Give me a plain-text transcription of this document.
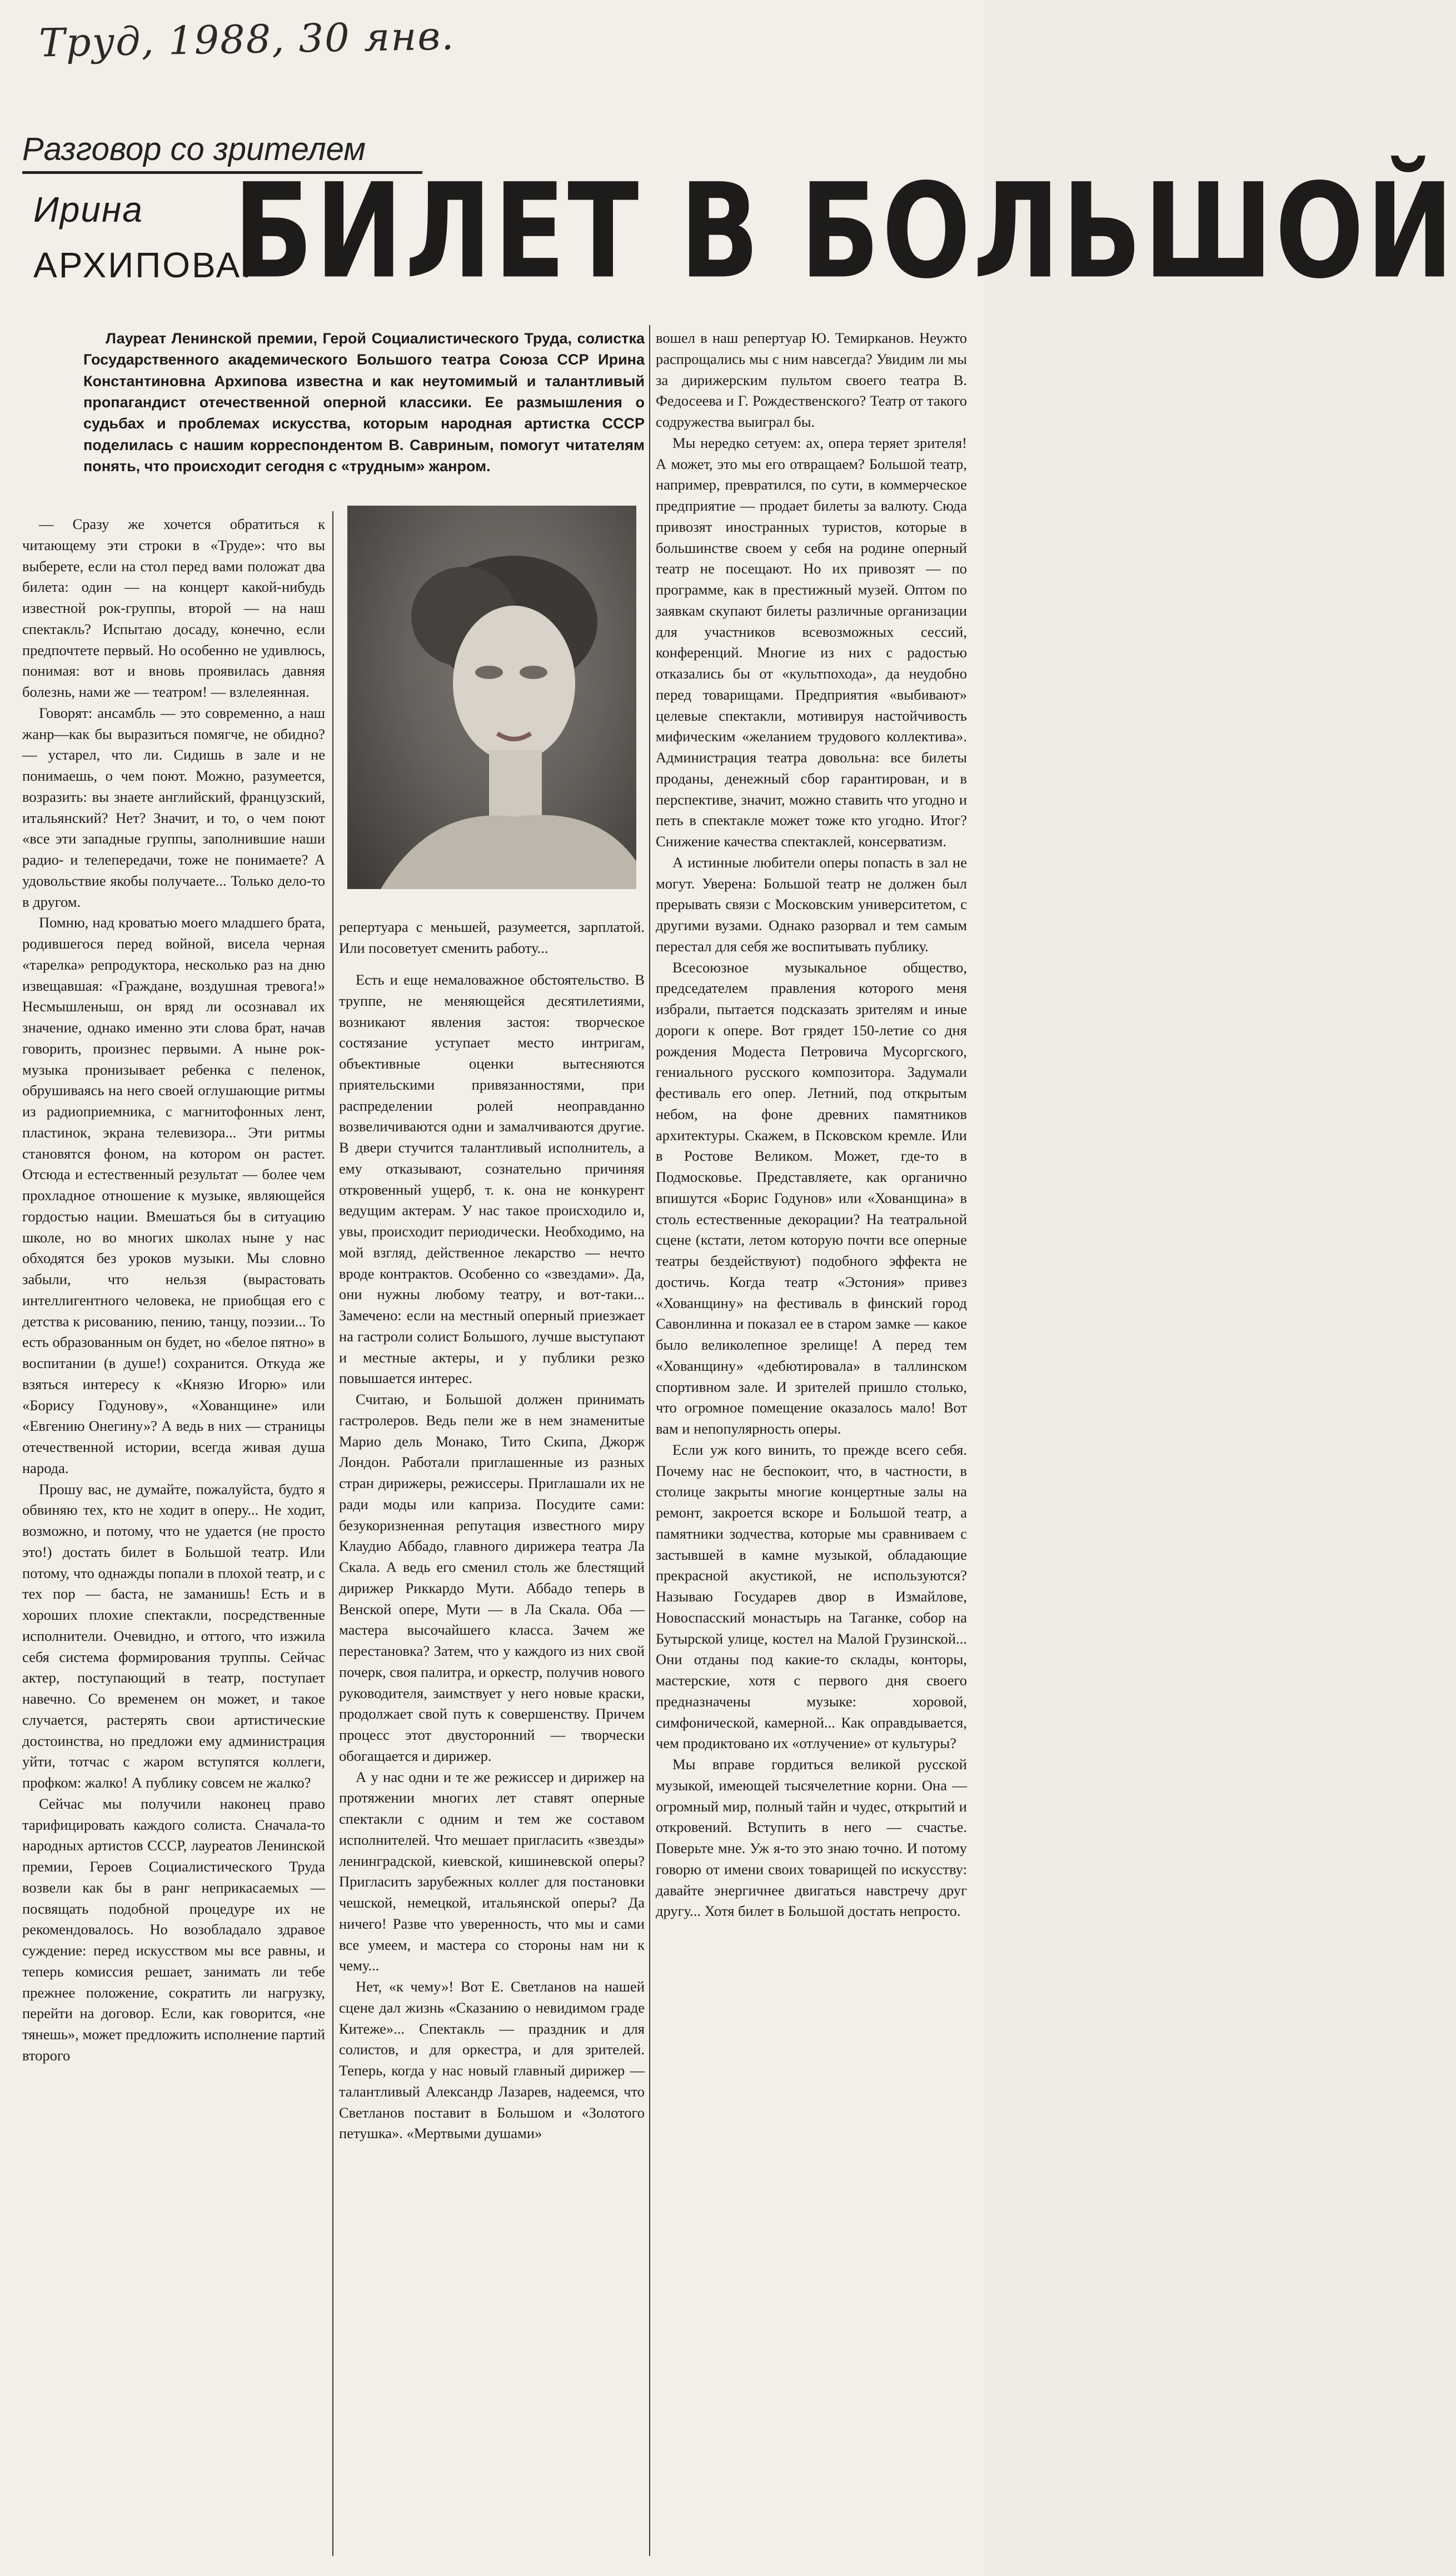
Труд, 1988, 30 янв.
Разговор со зрителем
Ирина
АРХИПОВА:
БИЛЕТ В БОЛЬШОЙ
Лауреат Ленинской премии, Герой Социалистического Труда, солистка Государственного академического Большого театра Союза ССР Ирина Константиновна Архипова известна и как неутомимый и талантливый пропагандист отечественной оперной классики. Ее размышления о судьбах и проблемах искусства, которым народная артистка СССР поделилась с нашим корреспондентом В. Савриным, помогут читателям понять, что происходит сегодня с «трудным» жанром.

— Сразу же хочется обратиться к читающему эти строки в «Труде»: что вы выберете, если на стол перед вами положат два билета: один — на концерт какой-нибудь известной рок-группы, второй — на наш спектакль? Испытаю досаду, конечно, если предпочтете первый. Но особенно не удивлюсь, понимая: вот и вновь проявилась давняя болезнь, нами же — театром! — взлелеянная.

Говорят: ансамбль — это современно, а наш жанр—как бы выразиться помягче, не обидно? — устарел, что ли. Сидишь в зале и не понимаешь, о чем поют. Можно, разумеется, возразить: вы знаете английский, французский, итальянский? Нет? Значит, и то, о чем поют «все эти западные группы, заполнившие наши радио- и телепередачи, тоже не понимаете? А удовольствие якобы получаете... Только дело-то в другом.

Помню, над кроватью моего младшего брата, родившегося перед войной, висела черная «тарелка» репродуктора, несколько раз на дню извещавшая: «Граждане, воздушная тревога!» Несмышленыш, он вряд ли осознавал их значение, однако именно эти слова брат, начав говорить, произнес первыми. А ныне рок-музыка пронизывает ребенка с пеленок, обрушиваясь на него своей оглушающие ритмы из радиоприемника, с магнитофонных лент, пластинок, экрана телевизора... Эти ритмы становятся фоном, на котором он растет. Отсюда и естественный результат — более чем прохладное отношение к музыке, являющейся гордостью нации. Вмешаться бы в ситуацию школе, но во многих школах ныне у нас обходятся без уроков музыки. Мы словно забыли, что нельзя (вырастовать интеллигентного человека, не приобщая его с детства к рисованию, пению, танцу, поэзии... То есть образованным он будет, но «белое пятно» в воспитании (в душе!) сохранится. Откуда же взяться интересу к «Князю Игорю» или «Борису Годунову», «Хованщине» или «Евгению Онегину»? А ведь в них — страницы отечественной истории, всегда живая душа народа.

Прошу вас, не думайте, пожалуйста, будто я обвиняю тех, кто не ходит в оперу... Не ходит, возможно, и потому, что не удается (не просто это!) достать билет в Большой театр. Или потому, что однажды попали в плохой театр, и с тех пор — баста, не заманишь! Есть и в хороших плохие спектакли, посредственные исполнители. Очевидно, и оттого, что изжила себя система формирования труппы. Сейчас актер, поступающий в театр, поступает навечно. Со временем он может, и такое случается, растерять свои артистические достоинства, но предложи ему администрация уйти, тотчас с жаром вступятся коллеги, профком: жалко! А публику совсем не жалко?

Сейчас мы получили наконец право тарифицировать каждого солиста. Сначала-то народных артистов СССР, лауреатов Ленинской премии, Героев Социалистического Труда возвели как бы в ранг неприкасаемых — посвящать подобной процедуре их не рекомендовалось. Но возобладало здравое суждение: перед искусством мы все равны, и теперь комиссия решает, занимать ли тебе прежнее положение, сократить ли нагрузку, перейти на договор. Если, как говорится, «не тянешь», может предложить исполнение партий второго

репертуара с меньшей, разумеется, зарплатой. Или посоветует сменить работу...

Есть и еще немаловажное обстоятельство. В труппе, не меняющейся десятилетиями, возникают явления застоя: творческое состязание уступает место интригам, объективные оценки вытесняются приятельскими привязанностями, при распределении ролей неоправданно возвеличиваются одни и замалчиваются другие. В двери стучится талантливый исполнитель, а ему отказывают, сознательно причиняя откровенный ущерб, т. к. она не конкурент ведущим актерам. У нас такое происходило и, увы, происходит периодически. Необходимо, на мой взгляд, действенное лекарство — нечто вроде контрактов. Особенно со «звездами». Да, они нужны любому театру, и вот-таки... Замечено: если на местный оперный приезжает на гастроли солист Большого, лучше выступают и местные актеры, и у публики резко повышается интерес.

Считаю, и Большой должен принимать гастролеров. Ведь пели же в нем знаменитые Марио дель Монако, Тито Скипа, Джорж Лондон. Работали приглашенные из разных стран дирижеры, режиссеры. Приглашали их не ради моды или каприза. Посудите сами: безукоризненная репутация известного миру Клаудио Аббадо, главного дирижера театра Ла Скала. А ведь его сменил столь же блестящий дирижер Риккардо Мути. Аббадо теперь в Венской опере, Мути — в Ла Скала. Оба — мастера высочайшего класса. Зачем же перестановка? Затем, что у каждого из них свой почерк, своя палитра, и оркестр, получив нового руководителя, заимствует у него новые краски, продолжает свой путь к совершенству. Причем процесс этот двусторонний — творчески обогащается и дирижер.

А у нас одни и те же режиссер и дирижер на протяжении многих лет ставят оперные спектакли с одним и тем же составом исполнителей. Что мешает пригласить «звезды» ленинградской, киевской, кишиневской оперы? Пригласить зарубежных коллег для постановки чешской, немецкой, итальянской оперы? Да ничего! Разве что уверенность, что мы и сами все умеем, и мастера со стороны нам ни к чему...

Нет, «к чему»! Вот Е. Светланов на нашей сцене дал жизнь «Сказанию о невидимом граде Китеже»... Спектакль — праздник и для солистов, и для оркестра, и для зрителей. Теперь, когда у нас новый главный дирижер — талантливый Александр Лазарев, надеемся, что Светланов поставит в Большом и «Золотого петушка». «Мертвыми душами»

вошел в наш репертуар Ю. Темирканов. Неужто распрощались мы с ним навсегда? Увидим ли мы за дирижерским пультом своего театра В. Федосеева и Г. Рождественского? Театр от такого содружества выиграл бы.

Мы нередко сетуем: ах, опера теряет зрителя! А может, это мы его отвращаем? Большой театр, например, превратился, по сути, в коммерческое предприятие — продает билеты за валюту. Сюда привозят иностранных туристов, которые в большинстве своем у себя на родине оперный театр не посещают. Но их привозят — по программе, как в престижный музей. Оптом по заявкам скупают билеты различные организации для участников всевозможных сессий, конференций. Многие из них с радостью отказались бы от «культпохода», да неудобно перед товарищами. Предприятия «выбивают» целевые спектакли, мотивируя настойчивость мифическим «желанием трудового коллектива». Администрация театра довольна: все билеты проданы, денежный сбор гарантирован, и в перспективе, значит, можно ставить что угодно и петь в спектакле может тоже кто угодно. Итог? Снижение качества спектаклей, консерватизм.

А истинные любители оперы попасть в зал не могут. Уверена: Большой театр не должен был прерывать связи с Московским университетом, с другими вузами. Однако разорвал и тем самым перестал для себя же воспитывать публику.

Всесоюзное музыкальное общество, председателем правления которого меня избрали, пытается подсказать зрителям и иные дороги к опере. Вот грядет 150-летие со дня рождения Модеста Петровича Мусоргского, гениального русского композитора. Задумали фестиваль его опер. Летний, под открытым небом, на фоне древних памятников архитектуры. Скажем, в Псковском кремле. Или в Ростове Великом. Может, где-то в Подмосковье. Представляете, как органично впишутся «Борис Годунов» или «Хованщина» в столь естественные декорации? На театральной сцене (кстати, летом которую почти все оперные театры бездействуют) подобного эффекта не достичь. Когда театр «Эстония» привез «Хованщину» на фестиваль в финский город Савонлинна и показал ее в старом замке — какое было великолепное зрелище! А перед тем «Хованщину» «дебютировала» в таллинском спортивном зале. И зрителей пришло столько, что огромное помещение оказалось мало! Вот вам и непопулярность оперы.

Если уж кого винить, то прежде всего себя. Почему нас не беспокоит, что, в частности, в столице закрыты многие концертные залы на ремонт, закроется вскоре и Большой театр, а памятники зодчества, которые мы сравниваем с застывшей в камне музыкой, обладающие прекрасной акустикой, не используются? Называю Государев двор в Измайлове, Новоспасский монастырь на Таганке, собор на Бутырской улице, костел на Малой Грузинской... Они отданы под какие-то склады, конторы, мастерские, хотя с первого дня своего предназначены музыке: хоровой, симфонической, камерной... Как оправдывается, чем продиктовано их «отлучение» от культуры?

Мы вправе гордиться великой русской музыкой, имеющей тысячелетние корни. Она — огромный мир, полный тайн и чудес, открытий и откровений. Вступить в него — счастье. Поверьте мне. Уж я-то это знаю точно. И потому говорю от имени своих товарищей по искусству: давайте энергичнее двигаться навстречу друг другу... Хотя билет в Большой достать непросто.
